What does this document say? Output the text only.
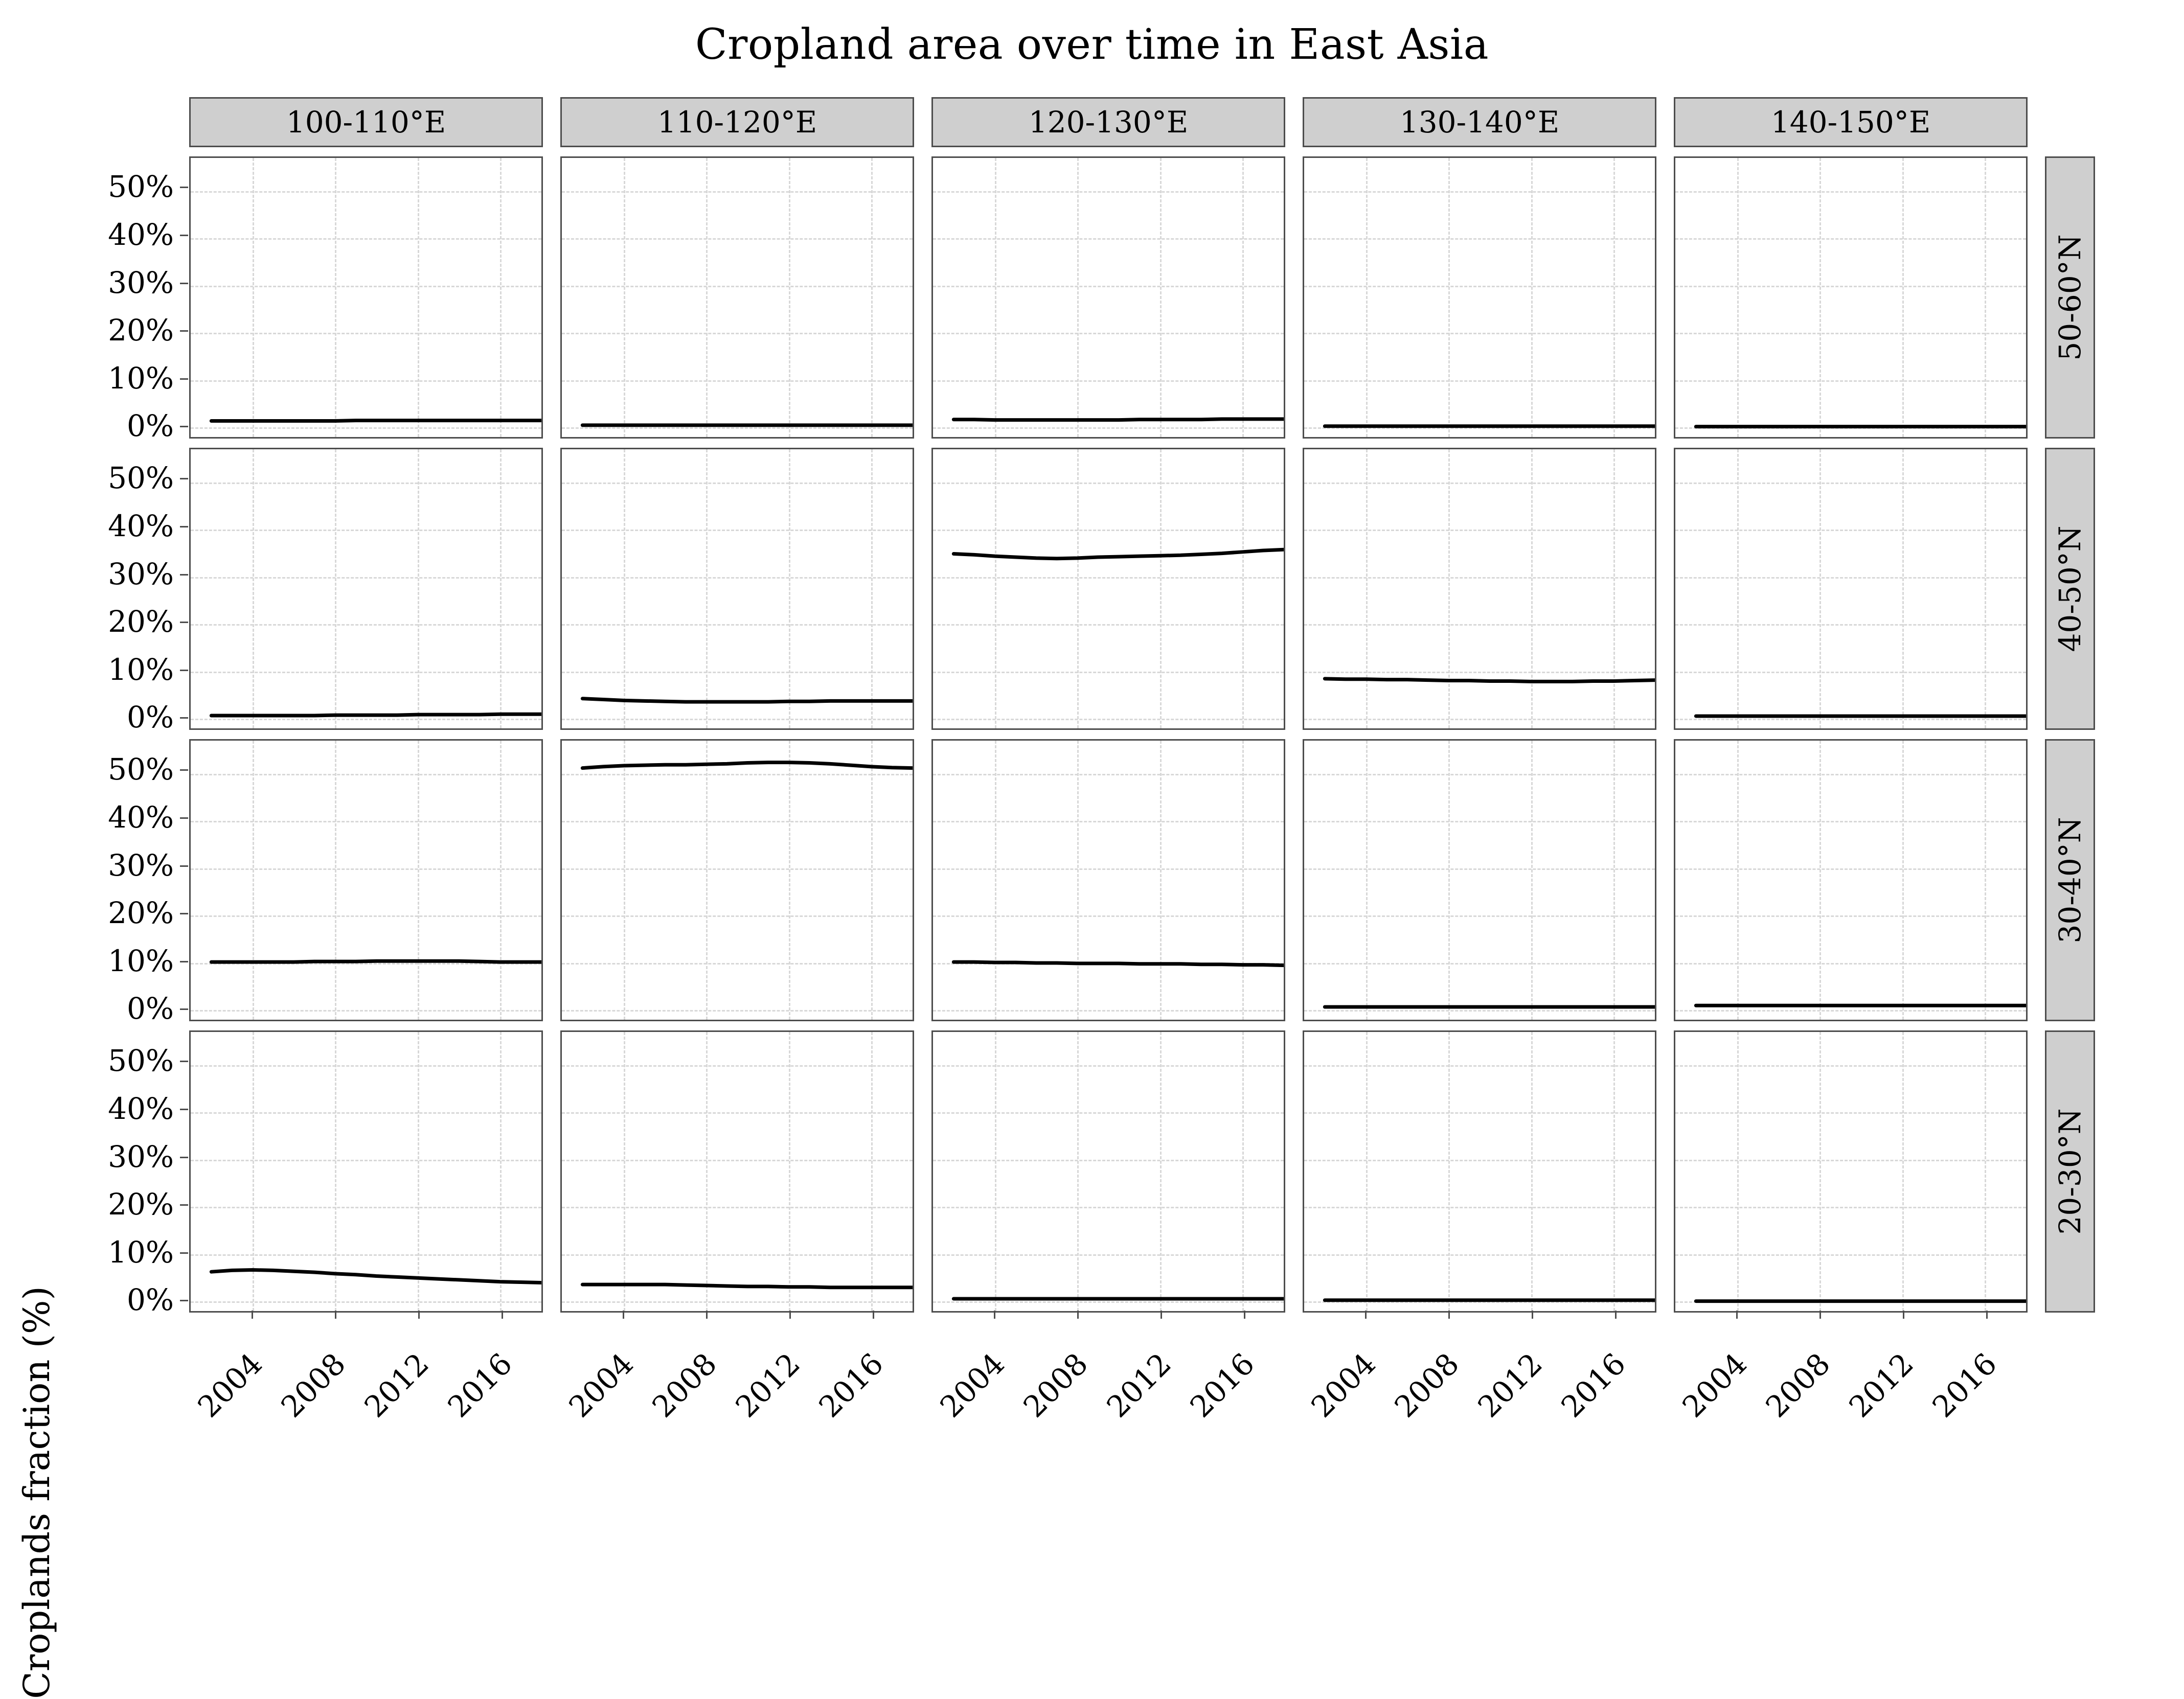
Cropland area over time in East Asia
Croplands fraction (%)
100-110°E	110-120°E	120-130°E	130-140°E	140-150°E
50-60°N
40-50°N
30-40°N
20-30°N
0%
10%
20%
30%
40%
50%
0%
10%
20%
30%
40%
50%
0%
10%
20%
30%
40%
50%
0%
10%
20%
30%
40%
50%
2004 2008 2012 2016	2004 2008 2012 2016	2004 2008 2012 2016	2004 2008 2012 2016	2004 2008 2012 2016
